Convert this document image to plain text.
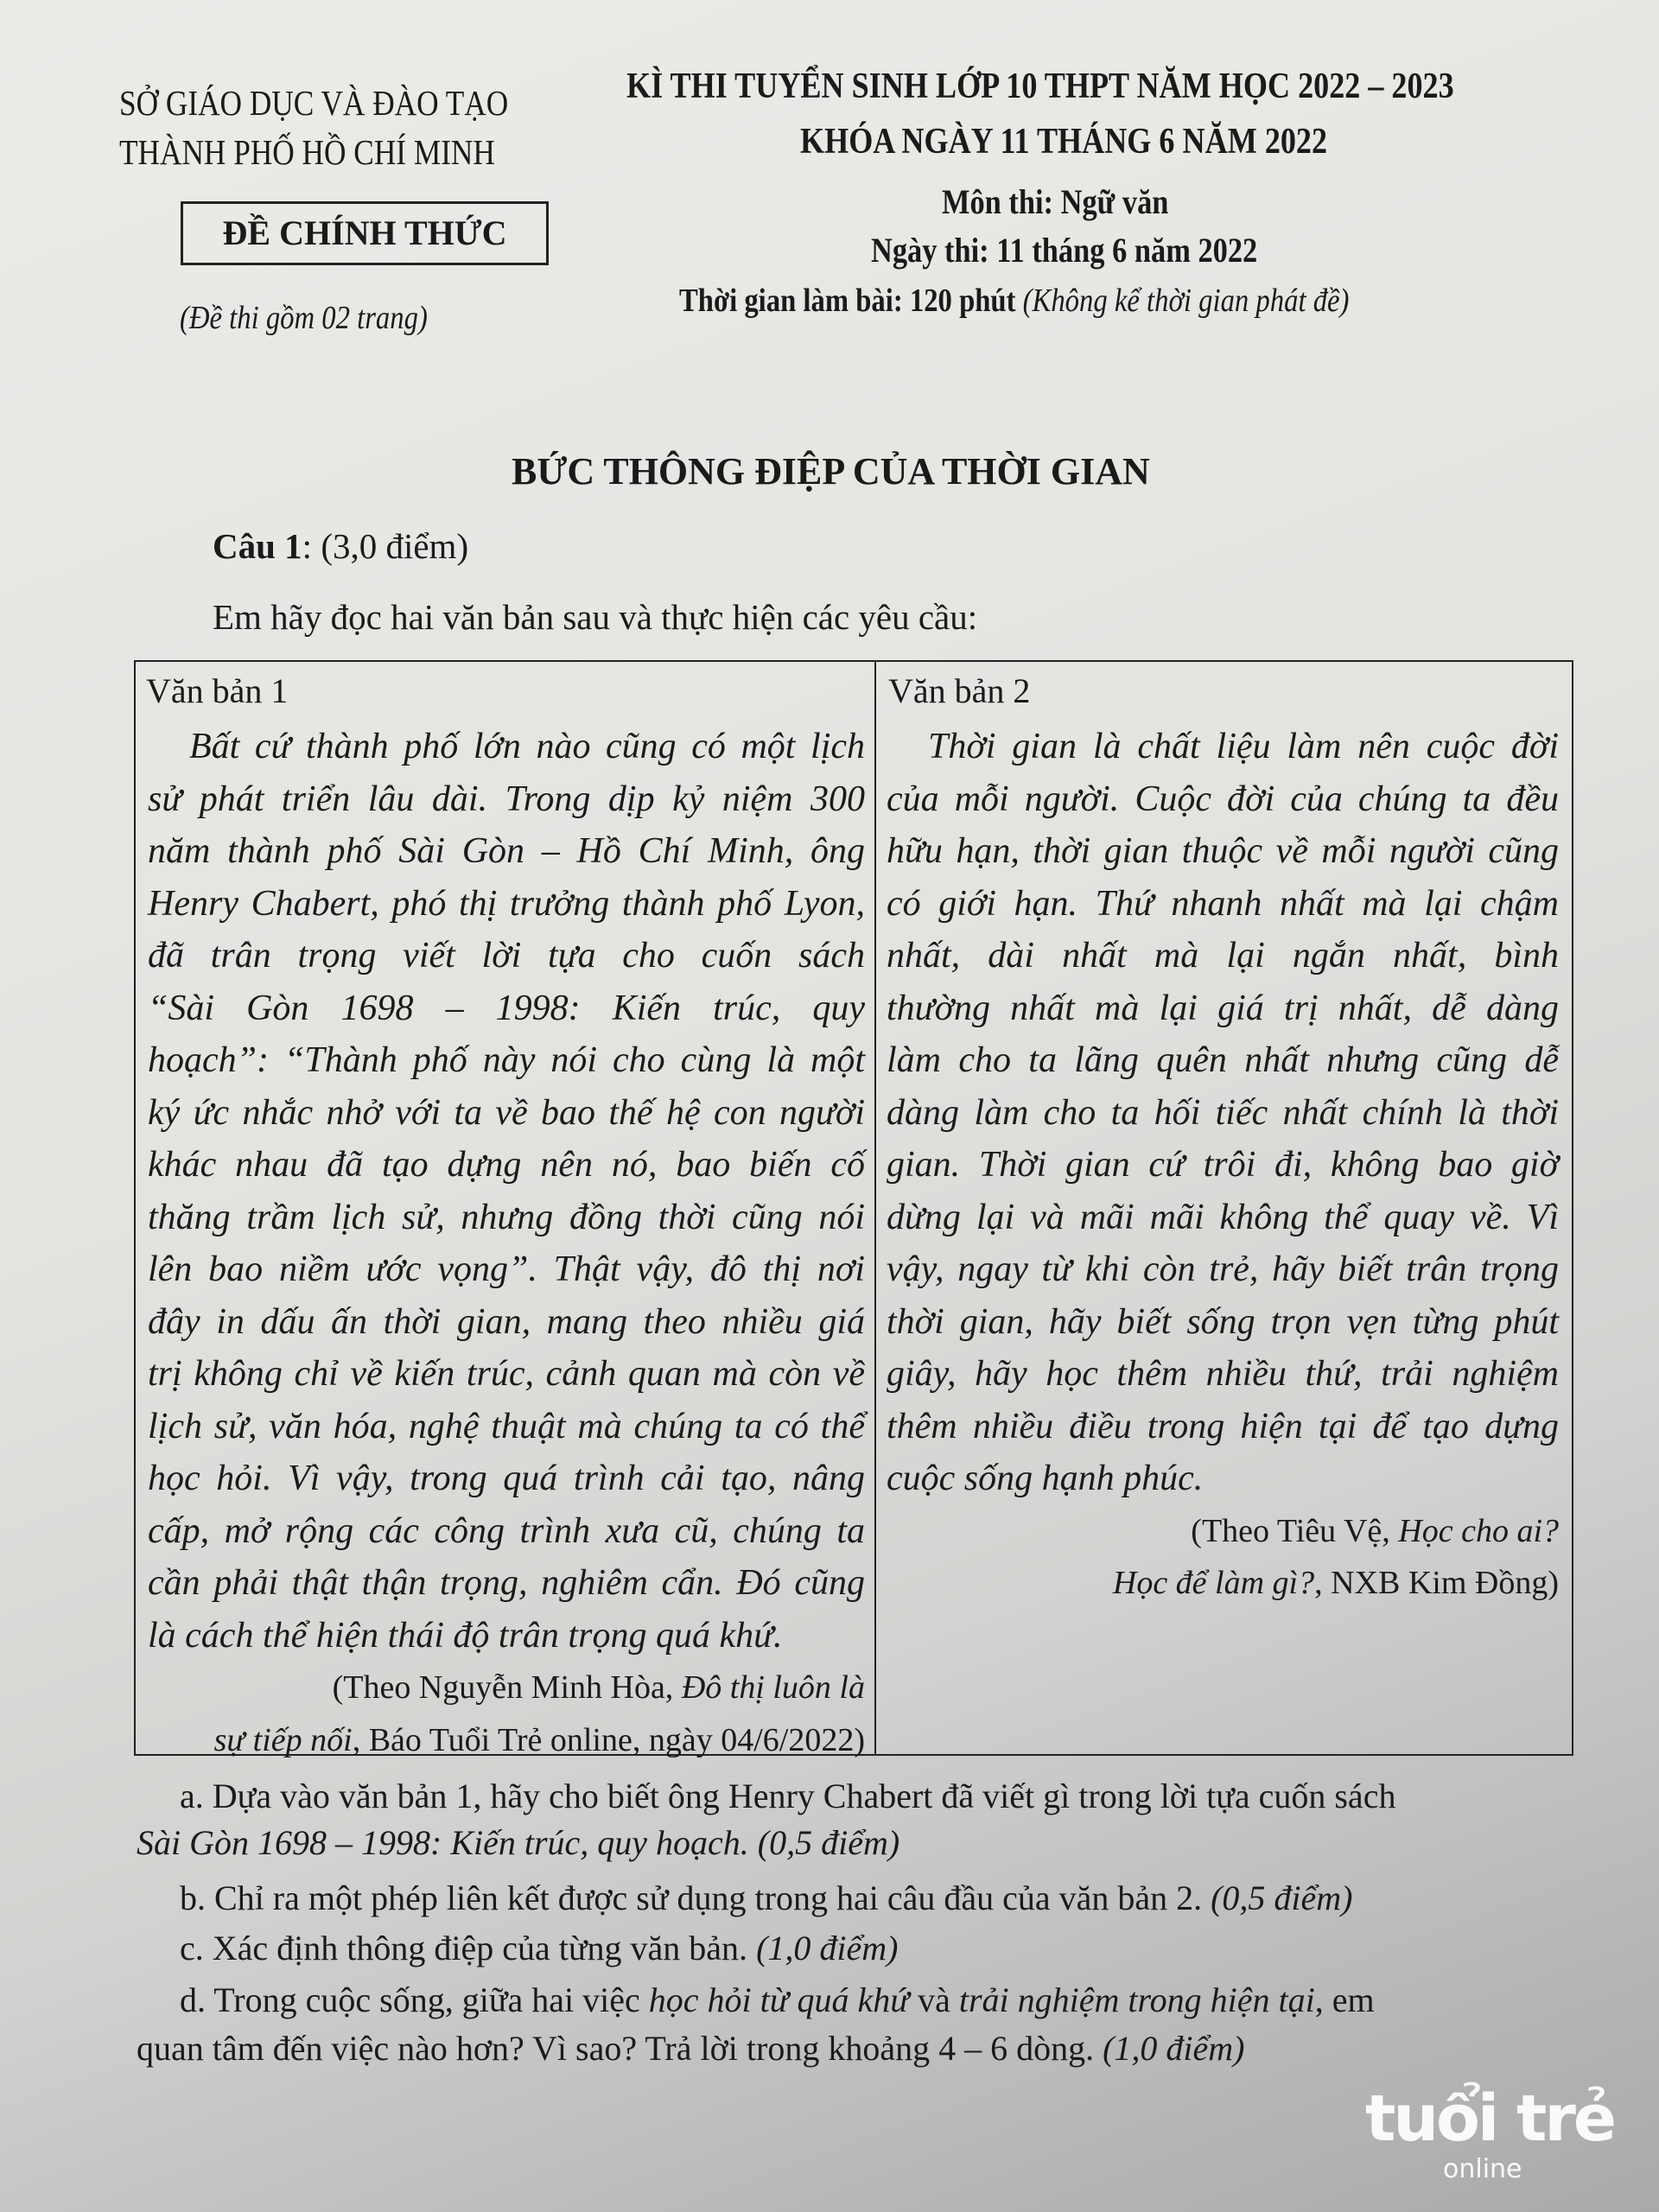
SỞ GIÁO DỤC VÀ ĐÀO TẠO
THÀNH PHỐ HỒ CHÍ MINH
ĐỀ CHÍNH THỨC
(Đề thi gồm 02 trang)
KÌ THI TUYỂN SINH LỚP 10 THPT NĂM HỌC 2022 – 2023
KHÓA NGÀY 11 THÁNG 6 NĂM 2022
Môn thi: Ngữ văn
Ngày thi: 11 tháng 6 năm 2022
Thời gian làm bài: 120 phút (Không kể thời gian phát đề)
BỨC THÔNG ĐIỆP CỦA THỜI GIAN
Câu 1: (3,0 điểm)
Em hãy đọc hai văn bản sau và thực hiện các yêu cầu:
Văn bản 1
Bất cứ thành phố lớn nào cũng có một lịch
sử phát triển lâu dài. Trong dịp kỷ niệm 300
năm thành phố Sài Gòn – Hồ Chí Minh, ông
Henry Chabert, phó thị trưởng thành phố Lyon,
đã trân trọng viết lời tựa cho cuốn sách
“Sài Gòn 1698 – 1998: Kiến trúc, quy
hoạch”: “Thành phố này nói cho cùng là một
ký ức nhắc nhở với ta về bao thế hệ con người
khác nhau đã tạo dựng nên nó, bao biến cố
thăng trầm lịch sử, nhưng đồng thời cũng nói
lên bao niềm ước vọng”. Thật vậy, đô thị nơi
đây in dấu ấn thời gian, mang theo nhiều giá
trị không chỉ về kiến trúc, cảnh quan mà còn về
lịch sử, văn hóa, nghệ thuật mà chúng ta có thể
học hỏi. Vì vậy, trong quá trình cải tạo, nâng
cấp, mở rộng các công trình xưa cũ, chúng ta
cần phải thật thận trọng, nghiêm cẩn. Đó cũng
là cách thể hiện thái độ trân trọng quá khứ.
(Theo Nguyễn Minh Hòa, Đô thị luôn là
sự tiếp nối, Báo Tuổi Trẻ online, ngày 04/6/2022)
Văn bản 2
Thời gian là chất liệu làm nên cuộc đời
của mỗi người. Cuộc đời của chúng ta đều
hữu hạn, thời gian thuộc về mỗi người cũng
có giới hạn. Thứ nhanh nhất mà lại chậm
nhất, dài nhất mà lại ngắn nhất, bình
thường nhất mà lại giá trị nhất, dễ dàng
làm cho ta lãng quên nhất nhưng cũng dễ
dàng làm cho ta hối tiếc nhất chính là thời
gian. Thời gian cứ trôi đi, không bao giờ
dừng lại và mãi mãi không thể quay về. Vì
vậy, ngay từ khi còn trẻ, hãy biết trân trọng
thời gian, hãy biết sống trọn vẹn từng phút
giây, hãy học thêm nhiều thứ, trải nghiệm
thêm nhiều điều trong hiện tại để tạo dựng
cuộc sống hạnh phúc.
(Theo Tiêu Vệ, Học cho ai?
Học để làm gì?, NXB Kim Đồng)
a. Dựa vào văn bản 1, hãy cho biết ông Henry Chabert đã viết gì trong lời tựa cuốn sách
Sài Gòn 1698 – 1998: Kiến trúc, quy hoạch. (0,5 điểm)
b. Chỉ ra một phép liên kết được sử dụng trong hai câu đầu của văn bản 2. (0,5 điểm)
c. Xác định thông điệp của từng văn bản. (1,0 điểm)
d. Trong cuộc sống, giữa hai việc học hỏi từ quá khứ và trải nghiệm trong hiện tại, em
quan tâm đến việc nào hơn? Vì sao? Trả lời trong khoảng 4 – 6 dòng. (1,0 điểm)
tuổi trẻ
online
